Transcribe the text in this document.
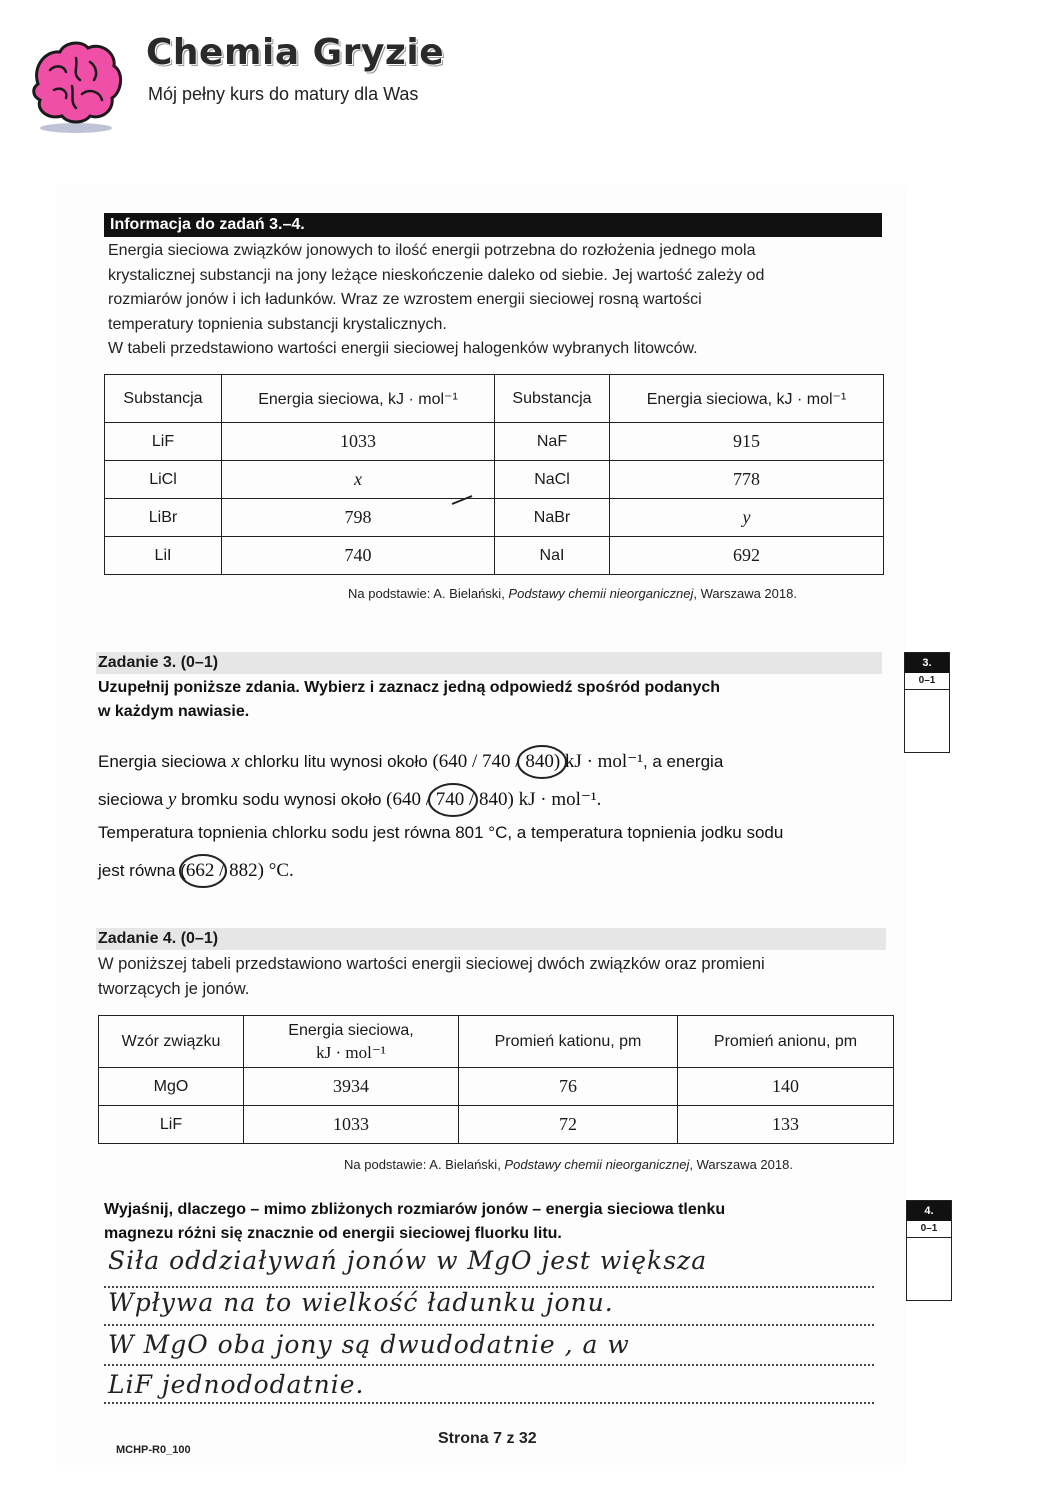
Chemia Gryzie
Mój pełny kurs do matury dla Was
Informacja do zadań 3.–4.
Energia sieciowa związków jonowych to ilość energii potrzebna do rozłożenia jednego mola
krystalicznej substancji na jony leżące nieskończenie daleko od siebie. Jej wartość zależy od
rozmiarów jonów i ich ładunków. Wraz ze wzrostem energii sieciowej rosną wartości
temperatury topnienia substancji krystalicznych.
W tabeli przedstawiono wartości energii sieciowej halogenków wybranych litowców.
Substancja	Energia sieciowa, kJ · mol⁻¹	Substancja	Energia sieciowa, kJ · mol⁻¹
LiF	1033	NaF	915
LiCl	x	NaCl	778
LiBr	798	NaBr	y
LiI	740	NaI	692
Na podstawie: A. Bielański, Podstawy chemii nieorganicznej, Warszawa 2018.
Zadanie 3. (0–1)
Uzupełnij poniższe zdania. Wybierz i zaznacz jedną odpowiedź spośród podanych
w każdym nawiasie.
3.
0–1
Energia sieciowa x chlorku litu wynosi około (640 / 740 / 840
) kJ · mol⁻¹, a energia
sieciowa y bromku sodu wynosi około (640 / 740
/ 840) kJ · mol⁻¹.
Temperatura topnienia chlorku sodu jest równa 801 °C, a temperatura topnienia jodku sodu
jest równa (662
/ 882) °C.
Zadanie 4. (0–1)
W poniższej tabeli przedstawiono wartości energii sieciowej dwóch związków oraz promieni
tworzących je jonów.
Wzór związku	Energia sieciowa,
kJ · mol⁻¹	Promień kationu, pm	Promień anionu, pm
MgO	3934	76	140
LiF	1033	72	133
Na podstawie: A. Bielański, Podstawy chemii nieorganicznej, Warszawa 2018.
Wyjaśnij, dlaczego – mimo zbliżonych rozmiarów jonów – energia sieciowa tlenku
magnezu różni się znacznie od energii sieciowej fluorku litu.
4.
0–1
Siła oddziaływań jonów w MgO jest większa
Wpływa na to wielkość ładunku jonu.
W MgO oba jony są dwudodatnie , a w
LiF jednododatnie.
Strona 7 z 32
MCHP-R0_100
